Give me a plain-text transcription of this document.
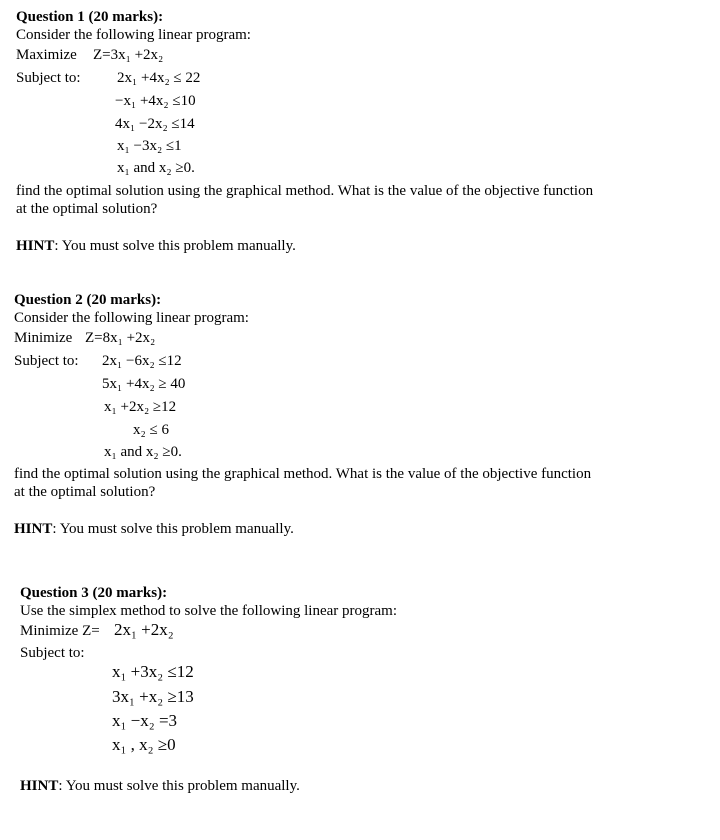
Question 1 (20 marks):
Consider the following linear program:
Maximize Z=3x₁ +2x₂
Subject to: 2x₁ +4x₂ ≤ 22
−x₁ +4x₂ ≤10
4x₁ −2x₂ ≤14
x₁ −3x₂ ≤1
x₁ and x₂ ≥0.
find the optimal solution using the graphical method. What is the value of the objective function
at the optimal solution?
HINT: You must solve this problem manually.
Question 2 (20 marks):
Consider the following linear program:
Minimize Z=8x₁ +2x₂
Subject to: 2x₁ −6x₂ ≤12
5x₁ +4x₂ ≥ 40
x₁ +2x₂ ≥12
x₂ ≤ 6
x₁ and x₂ ≥0.
find the optimal solution using the graphical method. What is the value of the objective function
at the optimal solution?
HINT: You must solve this problem manually.
Question 3 (20 marks):
Use the simplex method to solve the following linear program:
Minimize Z= 2x₁ +2x₂
Subject to:
x₁ +3x₂ ≤12
3x₁ +x₂ ≥13
x₁ −x₂ =3
x₁ , x₂ ≥0
HINT: You must solve this problem manually.
